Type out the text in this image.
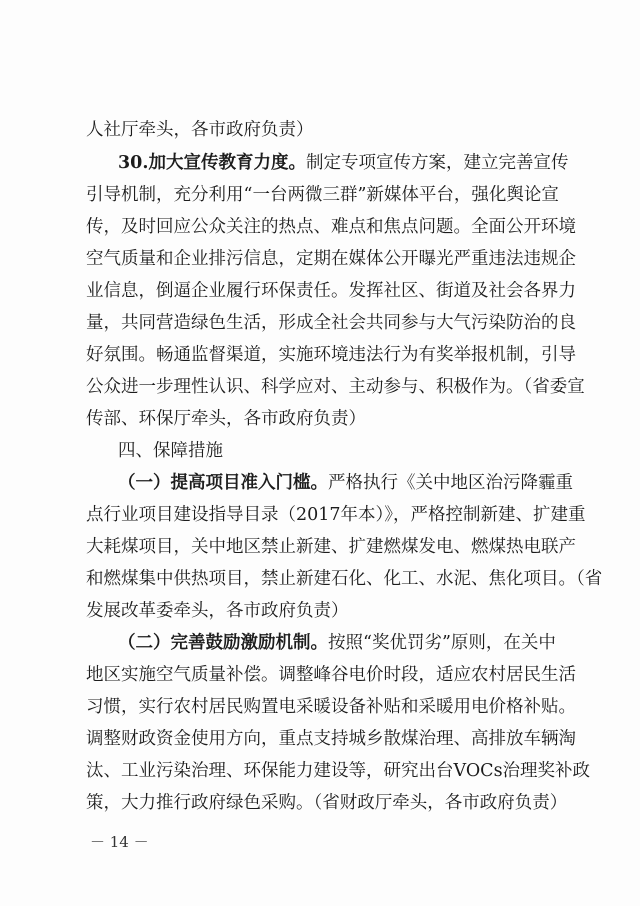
人社厅牵头，各市政府负责）
30.加大宣传教育力度。制定专项宣传方案，建立完善宣传
引导机制，充分利用“一台两微三群”新媒体平台，强化舆论宣
传，及时回应公众关注的热点、难点和焦点问题。全面公开环境
空气质量和企业排污信息，定期在媒体公开曝光严重违法违规企
业信息，倒逼企业履行环保责任。发挥社区、街道及社会各界力
量，共同营造绿色生活，形成全社会共同参与大气污染防治的良
好氛围。畅通监督渠道，实施环境违法行为有奖举报机制，引导
公众进一步理性认识、科学应对、主动参与、积极作为。（省委宣
传部、环保厅牵头，各市政府负责）
四、保障措施
（一）提高项目准入门槛。严格执行《关中地区治污降霾重
点行业项目建设指导目录（2017年本）》，严格控制新建、扩建重
大耗煤项目，关中地区禁止新建、扩建燃煤发电、燃煤热电联产
和燃煤集中供热项目，禁止新建石化、化工、水泥、焦化项目。（省
发展改革委牵头，各市政府负责）
（二）完善鼓励激励机制。按照“奖优罚劣”原则，在关中
地区实施空气质量补偿。调整峰谷电价时段，适应农村居民生活
习惯，实行农村居民购置电采暖设备补贴和采暖用电价格补贴。
调整财政资金使用方向，重点支持城乡散煤治理、高排放车辆淘
汰、工业污染治理、环保能力建设等，研究出台VOCs治理奖补政
策，大力推行政府绿色采购。（省财政厅牵头，各市政府负责）
－ 14 －
